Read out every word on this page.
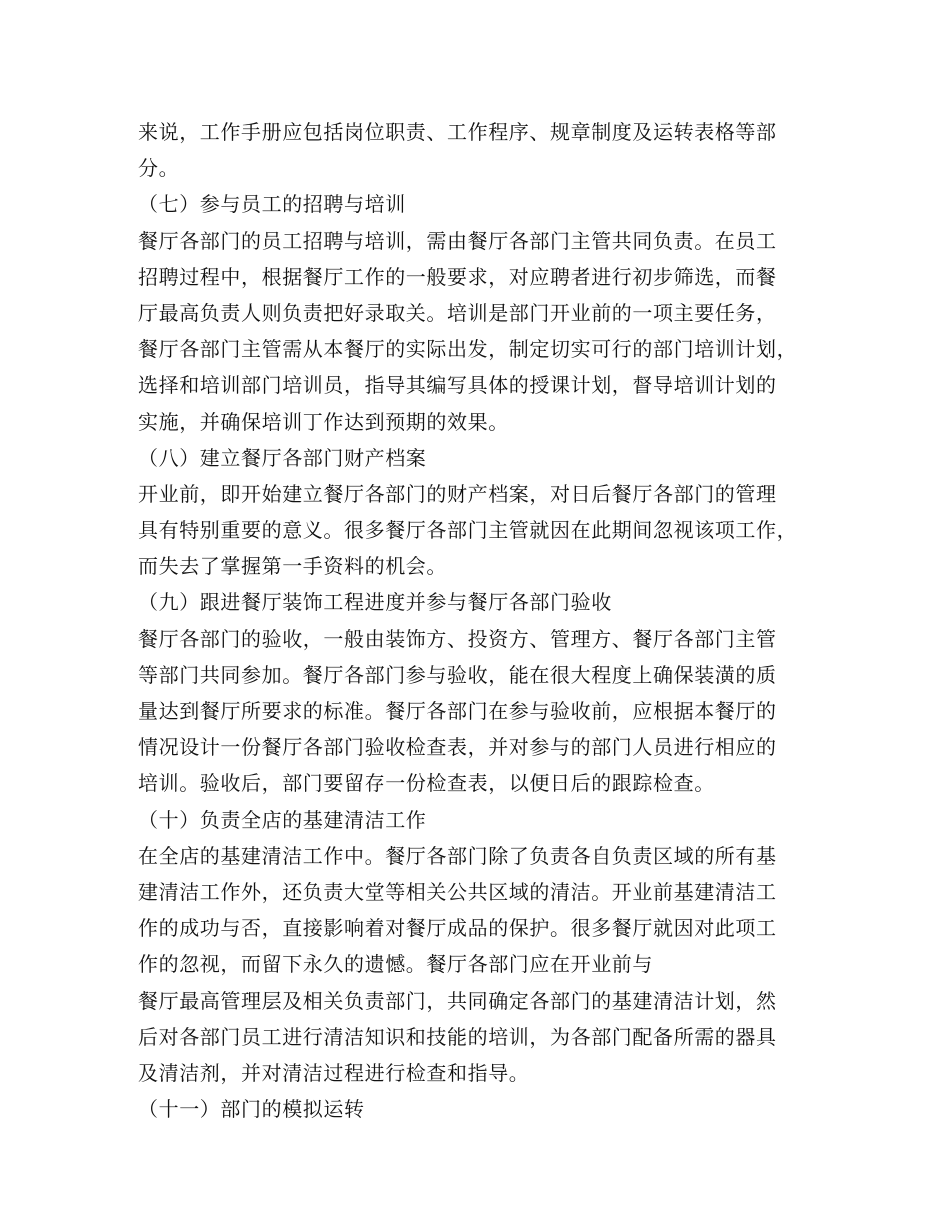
来说，工作手册应包括岗位职责、工作程序、规章制度及运转表格等部
分。
（七）参与员工的招聘与培训
餐厅各部门的员工招聘与培训，需由餐厅各部门主管共同负责。在员工
招聘过程中，根据餐厅工作的一般要求，对应聘者进行初步筛选，而餐
厅最高负责人则负责把好录取关。培训是部门开业前的一项主要任务，
餐厅各部门主管需从本餐厅的实际出发，制定切实可行的部门培训计划，
选择和培训部门培训员，指导其编写具体的授课计划，督导培训计划的
实施，并确保培训丁作达到预期的效果。
（八）建立餐厅各部门财产档案
开业前，即开始建立餐厅各部门的财产档案，对日后餐厅各部门的管理
具有特别重要的意义。很多餐厅各部门主管就因在此期间忽视该项工作，
而失去了掌握第一手资料的机会。
（九）跟进餐厅装饰工程进度并参与餐厅各部门验收
餐厅各部门的验收，一般由装饰方、投资方、管理方、餐厅各部门主管
等部门共同参加。餐厅各部门参与验收，能在很大程度上确保装潢的质
量达到餐厅所要求的标准。餐厅各部门在参与验收前，应根据本餐厅的
情况设计一份餐厅各部门验收检查表，并对参与的部门人员进行相应的
培训。验收后，部门要留存一份检查表，以便日后的跟踪检查。
（十）负责全店的基建清洁工作
在全店的基建清洁工作中。餐厅各部门除了负责各自负责区域的所有基
建清洁工作外，还负责大堂等相关公共区域的清洁。开业前基建清洁工
作的成功与否，直接影响着对餐厅成品的保护。很多餐厅就因对此项工
作的忽视，而留下永久的遗憾。餐厅各部门应在开业前与
餐厅最高管理层及相关负责部门，共同确定各部门的基建清洁计划，然
后对各部门员工进行清洁知识和技能的培训，为各部门配备所需的器具
及清洁剂，并对清洁过程进行检查和指导。
（十一）部门的模拟运转
